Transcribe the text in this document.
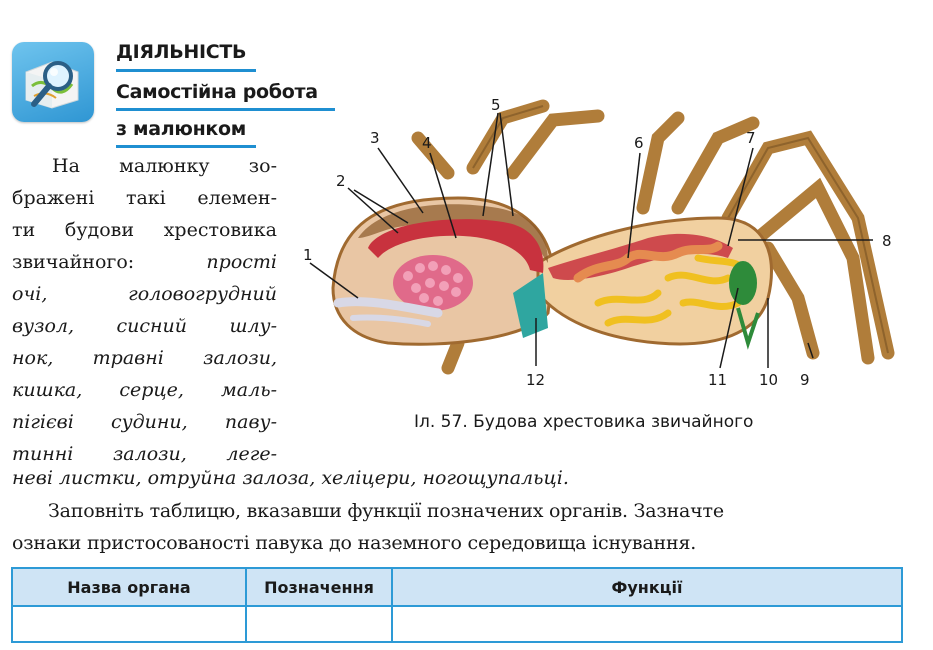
ДІЯЛЬНІСТЬ
Самостійна робота
з малюнком
На малюнку зо-
бражені такі елемен-
ти будови хрестовика
звичайного:	прості
очі, головогрудний
вузол, сисний шлу-
нок, травні залози,
кишка, серце, маль-
пігієві судини, паву-
тинні залози, леге-
неві листки, отруйна залоза, хеліцери, ногощупальці.
1
2
3	4
5
6	7
8
9
10
11
12
Іл. 57. Будова хрестовика звичайного
Заповніть таблицю, вказавши функції позначених органів. Зазначте
ознаки пристосованості павука до наземного середовища існування.
Назва органа	Позначення	Функції
